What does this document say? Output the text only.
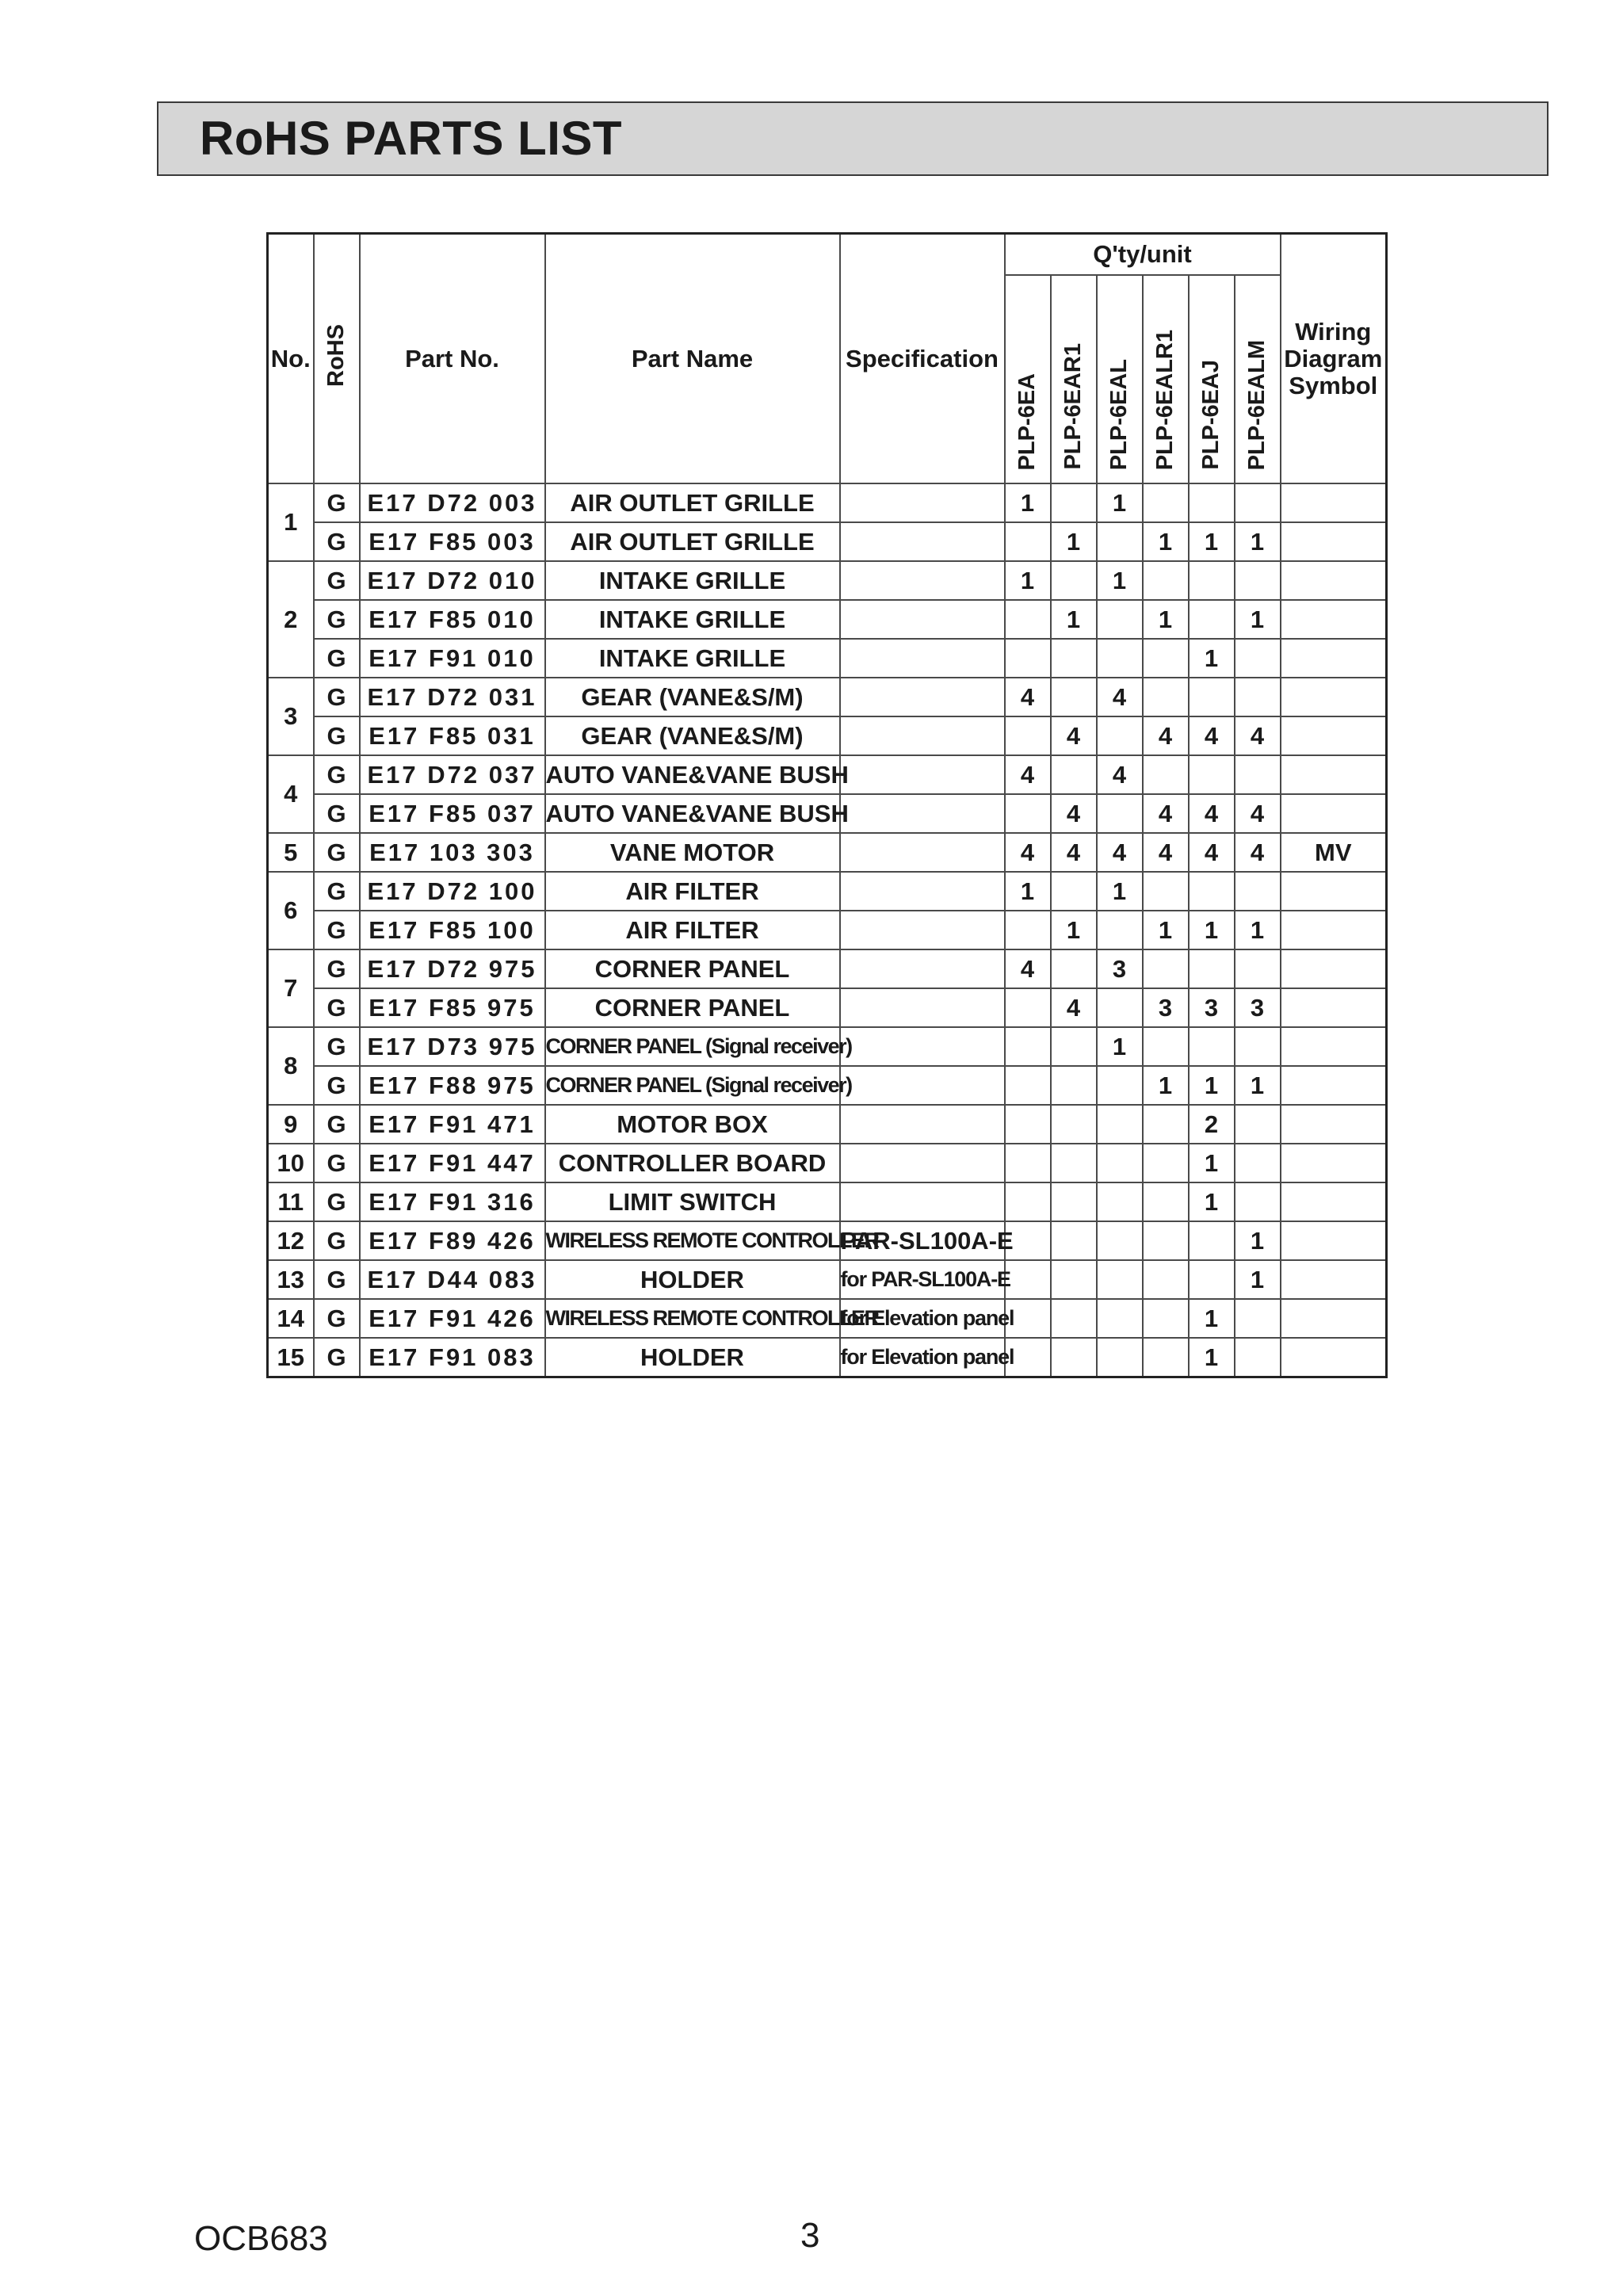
RoHS PARTS LIST
No.	RoHS	Part No.	Part Name	Specification	Q'ty/unit						Wiring
Diagram
Symbol

					PLP-6EA	PLP-6EAR1	PLP-6EAL	PLP-6EALR1	PLP-6EAJ	PLP-6EALM	
1	G	E17 D72 003	AIR OUTLET GRILLE		1		1				
	G	E17 F85 003	AIR OUTLET GRILLE			1		1	1	1	
2	G	E17 D72 010	INTAKE GRILLE		1		1				
	G	E17 F85 010	INTAKE GRILLE			1		1		1	
	G	E17 F91 010	INTAKE GRILLE						1		
3	G	E17 D72 031	GEAR (VANE&S/M)		4		4				
	G	E17 F85 031	GEAR (VANE&S/M)			4		4	4	4	
4	G	E17 D72 037	AUTO VANE&VANE BUSH		4		4				
	G	E17 F85 037	AUTO VANE&VANE BUSH			4		4	4	4	
5	G	E17 103 303	VANE MOTOR		4	4	4	4	4	4	MV
6	G	E17 D72 100	AIR FILTER		1		1				
	G	E17 F85 100	AIR FILTER			1		1	1	1	
7	G	E17 D72 975	CORNER PANEL		4		3				
	G	E17 F85 975	CORNER PANEL			4		3	3	3	
8	G	E17 D73 975	CORNER PANEL (Signal receiver)				1				
	G	E17 F88 975	CORNER PANEL (Signal receiver)					1	1	1	
9	G	E17 F91 471	MOTOR BOX						2		
10	G	E17 F91 447	CONTROLLER BOARD						1		
11	G	E17 F91 316	LIMIT SWITCH						1		
12	G	E17 F89 426	WIRELESS REMOTE CONTROLLER	PAR-SL100A-E						1	
13	G	E17 D44 083	HOLDER	for PAR-SL100A-E						1	
14	G	E17 F91 426	WIRELESS REMOTE CONTROLLER	for Elevation panel					1		
15	G	E17 F91 083	HOLDER	for Elevation panel					1		
OCB683	3
